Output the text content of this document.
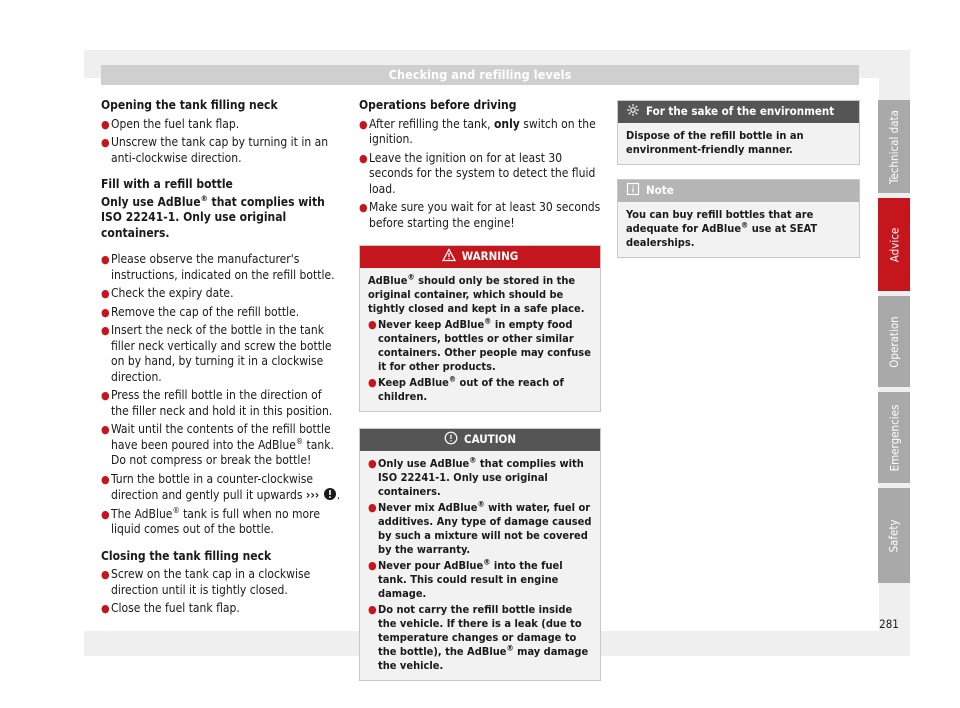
Checking and refilling levels

Opening the tank filling neck

● Open the fuel tank flap.
● Unscrew the tank cap by turning it in an anti-clockwise direction.

Fill with a refill bottle

Only use AdBlue® that complies with ISO 22241-1. Only use original containers.

● Please observe the manufacturer's instructions, indicated on the refill bottle.
● Check the expiry date.
● Remove the cap of the refill bottle.
● Insert the neck of the bottle in the tank filler neck vertically and screw the bottle on by hand, by turning it in a clockwise direction.
● Press the refill bottle in the direction of the filler neck and hold it in this position.
● Wait until the contents of the refill bottle have been poured into the AdBlue® tank. Do not compress or break the bottle!
● Turn the bottle in a counter-clockwise direction and gently pull it upwards ››› .
● The AdBlue® tank is full when no more liquid comes out of the bottle.

Closing the tank filling neck

● Screw on the tank cap in a clockwise direction until it is tightly closed.
● Close the fuel tank flap.

Operations before driving

● After refilling the tank, only switch on the ignition.
● Leave the ignition on for at least 30 seconds for the system to detect the fluid load.
● Make sure you wait for at least 30 seconds before starting the engine!
WARNING

AdBlue® should only be stored in the original container, which should be tightly closed and kept in a safe place.

● Never keep AdBlue® in empty food containers, bottles or other similar containers. Other people may confuse it for other products.
● Keep AdBlue® out of the reach of children.
CAUTION
● Only use AdBlue® that complies with ISO 22241-1. Only use original containers.
● Never mix AdBlue® with water, fuel or additives. Any type of damage caused by such a mixture will not be covered by the warranty.
● Never pour AdBlue® into the fuel tank. This could result in engine damage.
● Do not carry the refill bottle inside the vehicle. If there is a leak (due to temperature changes or damage to the bottle), the AdBlue® may damage the vehicle.
For the sake of the environment
Dispose of the refill bottle in an environment-friendly manner.
Note
You can buy refill bottles that are adequate for AdBlue® use at SEAT dealerships.
Technical data
Advice
Operation
Emergencies
Safety
281
